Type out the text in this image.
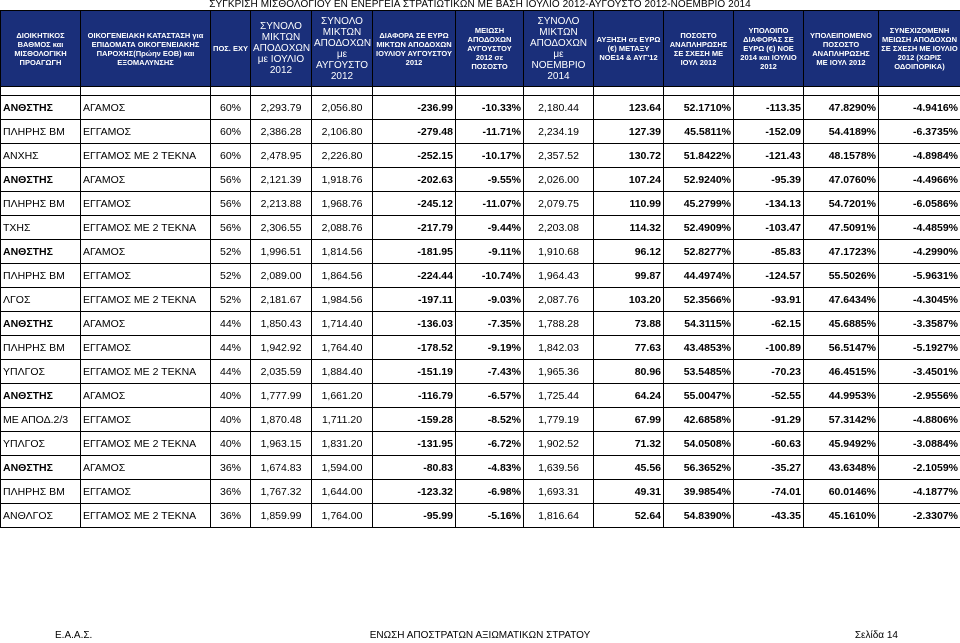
ΣΥΓΚΡΙΣΗ ΜΙΣΘΟΛΟΓΙΟΥ ΕΝ ΕΝΕΡΓΕΙΑ ΣΤΡΑΤΙΩΤΙΚΩΝ ΜΕ ΒΑΣΗ ΙΟΥΛΙΟ 2012-ΑΥΓΟΥΣΤΟ 2012-ΝΟΕΜΒΡΙΟ 2014
ΔΙΟΙΚΗΤΙΚΟΣ ΒΑΘΜΟΣ και ΜΙΣΘΟΛΟΓΙΚΗ ΠΡΟΑΓΩΓΗ	ΟΙΚΟΓΕΝΕΙΑΚΗ ΚΑΤΑΣΤΑΣΗ για ΕΠΙΔΟΜΑΤΑ ΟΙΚΟΓΕΝΕΙΑΚΗΣ ΠΑΡΟΧΗΣ(Πρώην ΕΟΒ) και ΕΞΟΜΑΛΥΝΣΗΣ	ΠΟΣ. ΕΧΥ	ΣΥΝΟΛΟ ΜΙΚΤΩΝ ΑΠΟΔΟΧΩΝ με ΙΟΥΛΙΟ 2012	ΣΥΝΟΛΟ ΜΙΚΤΩΝ ΑΠΟΔΟΧΩΝ με ΑΥΓΟΥΣΤΟ 2012	ΔΙΑΦΟΡΑ ΣΕ ΕΥΡΩ ΜΙΚΤΩΝ ΑΠΟΔΟΧΩΝ ΙΟΥΛΙΟΥ ΑΥΓΟΥΣΤΟΥ 2012	ΜΕΙΩΣΗ ΑΠΟΔΟΧΩΝ ΑΥΓΟΥΣΤΟΥ 2012 σε ΠΟΣΟΣΤΟ	ΣΥΝΟΛΟ ΜΙΚΤΩΝ ΑΠΟΔΟΧΩΝ με ΝΟΕΜΒΡΙΟ 2014	ΑΥΞΗΣΗ σε ΕΥΡΩ (€) ΜΕΤΑΞΥ ΝΟΕ14 & ΑΥΓ'12	ΠΟΣΟΣΤΟ ΑΝΑΠΛΗΡΩΣΗΣ ΣΕ ΣΧΕΣΗ ΜΕ ΙΟΥΛ 2012	ΥΠΟΛΟΙΠΟ ΔΙΑΦΟΡΑΣ ΣΕ ΕΥΡΩ (€) ΝΟΕ 2014 και ΙΟΥΛΙΟ 2012	ΥΠΟΛΕΙΠΟΜΕΝΟ ΠΟΣΟΣΤΟ ΑΝΑΠΛΗΡΩΣΗΣ ΜΕ ΙΟΥΛ 2012	ΣΥΝΕΧΙΖΟΜΕΝΗ ΜΕΙΩΣΗ ΑΠΟΔΟΧΩΝ ΣΕ ΣΧΕΣΗ ΜΕ ΙΟΥΛΙΟ 2012 (ΧΩΡΙΣ ΟΔΟΙΠΟΡΙΚΑ)

ΑΝΘΣΤΗΣ	ΑΓΑΜΟΣ	60%	2,293.79	2,056.80	-236.99	-10.33%	2,180.44	123.64	52.1710%	-113.35	47.8290%	-4.9416%
ΠΛΗΡΗΣ ΒΜ	ΕΓΓΑΜΟΣ	60%	2,386.28	2,106.80	-279.48	-11.71%	2,234.19	127.39	45.5811%	-152.09	54.4189%	-6.3735%
ΑΝΧΗΣ	ΕΓΓΑΜΟΣ ΜΕ 2 ΤΕΚΝΑ	60%	2,478.95	2,226.80	-252.15	-10.17%	2,357.52	130.72	51.8422%	-121.43	48.1578%	-4.8984%
ΑΝΘΣΤΗΣ	ΑΓΑΜΟΣ	56%	2,121.39	1,918.76	-202.63	-9.55%	2,026.00	107.24	52.9240%	-95.39	47.0760%	-4.4966%
ΠΛΗΡΗΣ ΒΜ	ΕΓΓΑΜΟΣ	56%	2,213.88	1,968.76	-245.12	-11.07%	2,079.75	110.99	45.2799%	-134.13	54.7201%	-6.0586%
ΤΧΗΣ	ΕΓΓΑΜΟΣ ΜΕ 2 ΤΕΚΝΑ	56%	2,306.55	2,088.76	-217.79	-9.44%	2,203.08	114.32	52.4909%	-103.47	47.5091%	-4.4859%
ΑΝΘΣΤΗΣ	ΑΓΑΜΟΣ	52%	1,996.51	1,814.56	-181.95	-9.11%	1,910.68	96.12	52.8277%	-85.83	47.1723%	-4.2990%
ΠΛΗΡΗΣ ΒΜ	ΕΓΓΑΜΟΣ	52%	2,089.00	1,864.56	-224.44	-10.74%	1,964.43	99.87	44.4974%	-124.57	55.5026%	-5.9631%
ΛΓΟΣ	ΕΓΓΑΜΟΣ ΜΕ 2 ΤΕΚΝΑ	52%	2,181.67	1,984.56	-197.11	-9.03%	2,087.76	103.20	52.3566%	-93.91	47.6434%	-4.3045%
ΑΝΘΣΤΗΣ	ΑΓΑΜΟΣ	44%	1,850.43	1,714.40	-136.03	-7.35%	1,788.28	73.88	54.3115%	-62.15	45.6885%	-3.3587%
ΠΛΗΡΗΣ ΒΜ	ΕΓΓΑΜΟΣ	44%	1,942.92	1,764.40	-178.52	-9.19%	1,842.03	77.63	43.4853%	-100.89	56.5147%	-5.1927%
ΥΠΛΓΟΣ	ΕΓΓΑΜΟΣ ΜΕ 2 ΤΕΚΝΑ	44%	2,035.59	1,884.40	-151.19	-7.43%	1,965.36	80.96	53.5485%	-70.23	46.4515%	-3.4501%
ΑΝΘΣΤΗΣ	ΑΓΑΜΟΣ	40%	1,777.99	1,661.20	-116.79	-6.57%	1,725.44	64.24	55.0047%	-52.55	44.9953%	-2.9556%
ΜΕ ΑΠΟΔ.2/3	ΕΓΓΑΜΟΣ	40%	1,870.48	1,711.20	-159.28	-8.52%	1,779.19	67.99	42.6858%	-91.29	57.3142%	-4.8806%
ΥΠΛΓΟΣ	ΕΓΓΑΜΟΣ ΜΕ 2 ΤΕΚΝΑ	40%	1,963.15	1,831.20	-131.95	-6.72%	1,902.52	71.32	54.0508%	-60.63	45.9492%	-3.0884%
ΑΝΘΣΤΗΣ	ΑΓΑΜΟΣ	36%	1,674.83	1,594.00	-80.83	-4.83%	1,639.56	45.56	56.3652%	-35.27	43.6348%	-2.1059%
ΠΛΗΡΗΣ ΒΜ	ΕΓΓΑΜΟΣ	36%	1,767.32	1,644.00	-123.32	-6.98%	1,693.31	49.31	39.9854%	-74.01	60.0146%	-4.1877%
ΑΝΘΛΓΟΣ	ΕΓΓΑΜΟΣ ΜΕ 2 ΤΕΚΝΑ	36%	1,859.99	1,764.00	-95.99	-5.16%	1,816.64	52.64	54.8390%	-43.35	45.1610%	-2.3307%
Ε.Α.Α.Σ.	ΕΝΩΣΗ ΑΠΟΣΤΡΑΤΩΝ ΑΞΙΩΜΑΤΙΚΩΝ ΣΤΡΑΤΟΥ	Σελίδα 14
